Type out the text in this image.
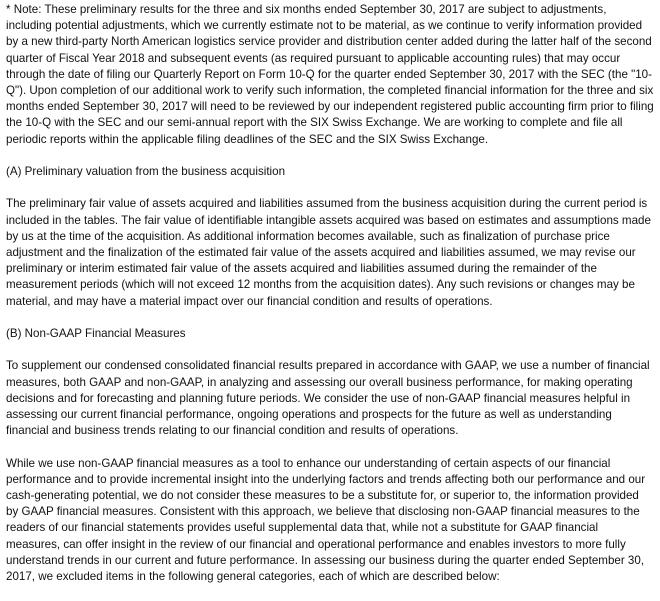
* Note: These preliminary results for the three and six months ended September 30, 2017 are subject to adjustments, including potential adjustments, which we currently estimate not to be material, as we continue to verify information provided by a new third-party North American logistics service provider and distribution center added during the latter half of the second quarter of Fiscal Year 2018 and subsequent events (as required pursuant to applicable accounting rules) that may occur through the date of filing our Quarterly Report on Form 10-Q for the quarter ended September 30, 2017 with the SEC (the "10-Q"). Upon completion of our additional work to verify such information, the completed financial information for the three and six months ended September 30, 2017 will need to be reviewed by our independent registered public accounting firm prior to filing the 10-Q with the SEC and our semi-annual report with the SIX Swiss Exchange. We are working to complete and file all periodic reports within the applicable filing deadlines of the SEC and the SIX Swiss Exchange.

(A) Preliminary valuation from the business acquisition

The preliminary fair value of assets acquired and liabilities assumed from the business acquisition during the current period is included in the tables. The fair value of identifiable intangible assets acquired was based on estimates and assumptions made by us at the time of the acquisition. As additional information becomes available, such as finalization of purchase price adjustment and the finalization of the estimated fair value of the assets acquired and liabilities assumed, we may revise our preliminary or interim estimated fair value of the assets acquired and liabilities assumed during the remainder of the measurement periods (which will not exceed 12 months from the acquisition dates). Any such revisions or changes may be material, and may have a material impact over our financial condition and results of operations.

(B) Non-GAAP Financial Measures

To supplement our condensed consolidated financial results prepared in accordance with GAAP, we use a number of financial measures, both GAAP and non-GAAP, in analyzing and assessing our overall business performance, for making operating decisions and for forecasting and planning future periods. We consider the use of non-GAAP financial measures helpful in assessing our current financial performance, ongoing operations and prospects for the future as well as understanding financial and business trends relating to our financial condition and results of operations.

While we use non-GAAP financial measures as a tool to enhance our understanding of certain aspects of our financial performance and to provide incremental insight into the underlying factors and trends affecting both our performance and our cash-generating potential, we do not consider these measures to be a substitute for, or superior to, the information provided by GAAP financial measures. Consistent with this approach, we believe that disclosing non-GAAP financial measures to the readers of our financial statements provides useful supplemental data that, while not a substitute for GAAP financial measures, can offer insight in the review of our financial and operational performance and enables investors to more fully understand trends in our current and future performance. In assessing our business during the quarter ended September 30, 2017, we excluded items in the following general categories, each of which are described below:
